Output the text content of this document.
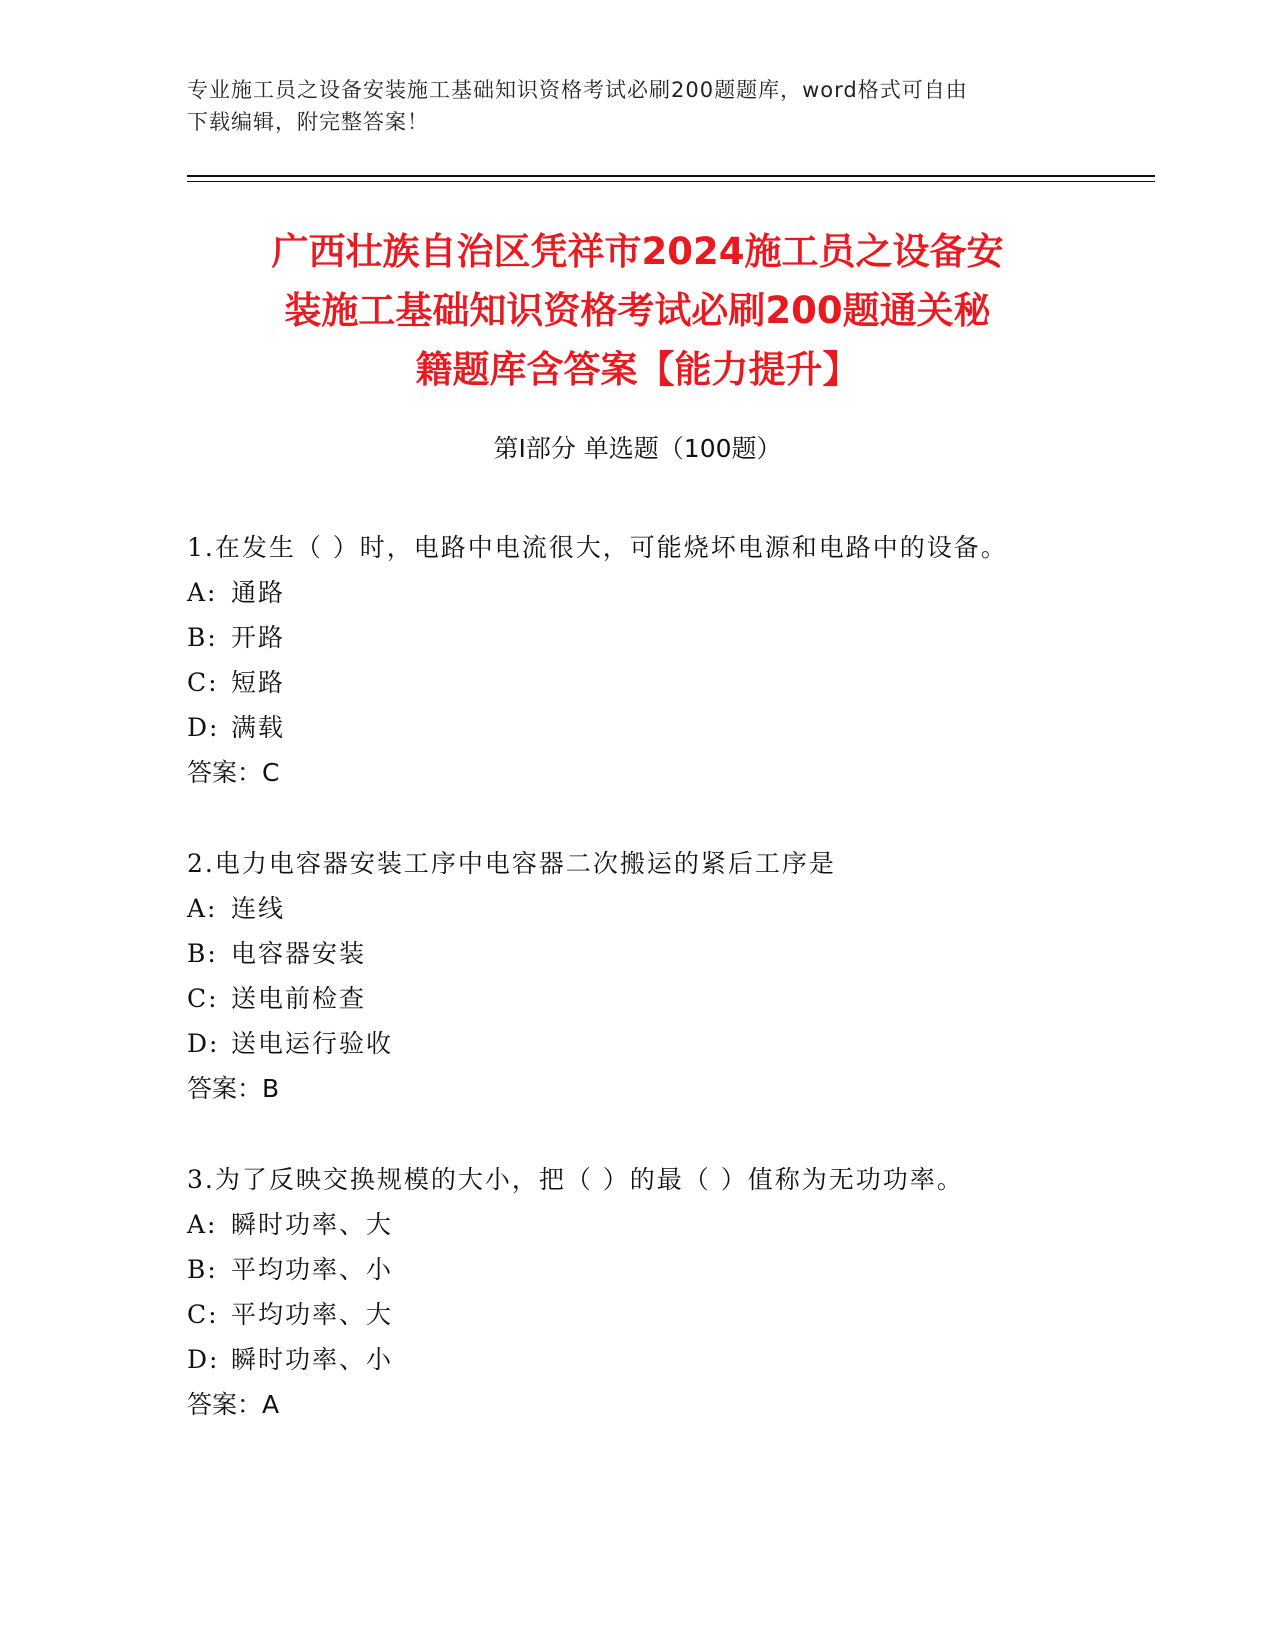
专业施工员之设备安装施工基础知识资格考试必刷200题题库，word格式可自由
下载编辑，附完整答案！
广西壮族自治区凭祥市2024施工员之设备安
装施工基础知识资格考试必刷200题通关秘
籍题库含答案【能力提升】
第Ⅰ部分 单选题（100题）
1.在发生（ ）时，电路中电流很大，可能烧坏电源和电路中的设备。
A: 通路
B: 开路
C: 短路
D: 满载
答案：C
2.电力电容器安装工序中电容器二次搬运的紧后工序是
A: 连线
B: 电容器安装
C: 送电前检查
D: 送电运行验收
答案：B
3.为了反映交换规模的大小，把（ ）的最（ ）值称为无功功率。
A: 瞬时功率、大
B: 平均功率、小
C: 平均功率、大
D: 瞬时功率、小
答案：A
